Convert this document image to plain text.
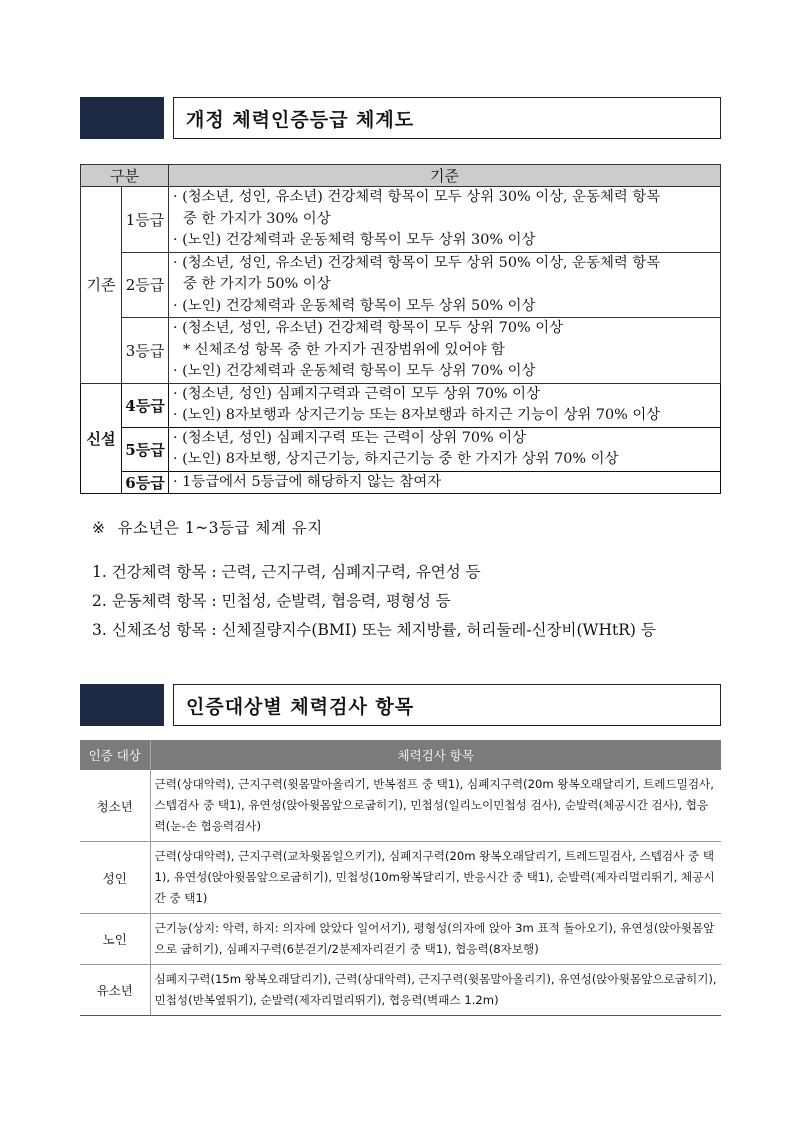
개정 체력인증등급 체계도
구분		기준
기존	1등급	· (청소년, 성인, 유소년) 건강체력 항목이 모두 상위 30% 이상, 운동체력 항목
중 한 가지가 30% 이상
· (노인) 건강체력과 운동체력 항목이 모두 상위 30% 이상

	2등급	· (청소년, 성인, 유소년) 건강체력 항목이 모두 상위 50% 이상, 운동체력 항목
중 한 가지가 50% 이상
· (노인) 건강체력과 운동체력 항목이 모두 상위 50% 이상

	3등급	· (청소년, 성인, 유소년) 건강체력 항목이 모두 상위 70% 이상
* 신체조성 항목 중 한 가지가 권장범위에 있어야 함
· (노인) 건강체력과 운동체력 항목이 모두 상위 70% 이상

신설	4등급	· (청소년, 성인) 심폐지구력과 근력이 모두 상위 70% 이상
· (노인) 8자보행과 상지근기능 또는 8자보행과 하지근 기능이 상위 70% 이상

	5등급	· (청소년, 성인) 심폐지구력 또는 근력이 상위 70% 이상
· (노인) 8자보행, 상지근기능, 하지근기능 중 한 가지가 상위 70% 이상

	6등급	· 1등급에서 5등급에 해당하지 않는 참여자
※ 유소년은 1~3등급 체계 유지
1. 건강체력 항목 : 근력, 근지구력, 심폐지구력, 유연성 등
2. 운동체력 항목 : 민첩성, 순발력, 협응력, 평형성 등
3. 신체조성 항목 : 신체질량지수(BMI) 또는 체지방률, 허리둘레-신장비(WHtR) 등
인증대상별 체력검사 항목
인증 대상	체력검사 항목
청소년	근력(상대악력), 근지구력(윗몸말아올리기, 반복점프 중 택1), 심폐지구력(20m 왕복오래달리기, 트레드밀검사, 스텝검사 중 택1), 유연성(앉아윗몸앞으로굽히기), 민첩성(일리노이민첩성 검사), 순발력(체공시간 검사), 협응력(눈-손 협응력검사)
성인	근력(상대악력), 근지구력(교차윗몸일으키기), 심폐지구력(20m 왕복오래달리기, 트레드밀검사, 스텝검사 중 택1), 유연성(앉아윗몸앞으로굽히기), 민첩성(10m왕복달리기, 반응시간 중 택1), 순발력(제자리멀리뛰기, 체공시간 중 택1)
노인	근기능(상지: 악력, 하지: 의자에 앉았다 일어서기), 평형성(의자에 앉아 3m 표적 돌아오기), 유연성(앉아윗몸앞으로 굽히기), 심폐지구력(6분걷기/2분제자리걷기 중 택1), 협응력(8자보행)
유소년	심폐지구력(15m 왕복오래달리기), 근력(상대악력), 근지구력(윗몸말아올리기), 유연성(앉아윗몸앞으로굽히기), 민첩성(반복옆뛰기), 순발력(제자리멀리뛰기), 협응력(벽패스 1.2m)
